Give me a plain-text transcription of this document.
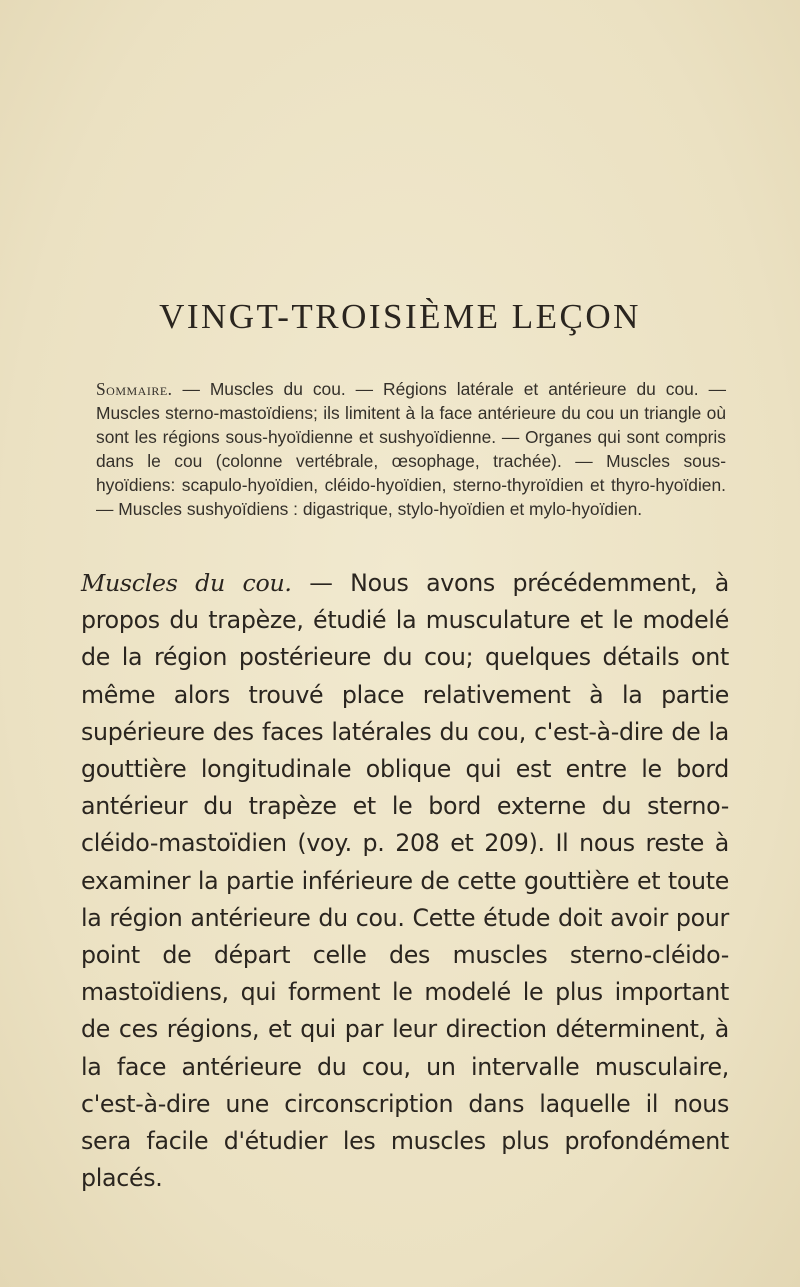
VINGT-TROISIÈME LEÇON

Sommaire. — Muscles du cou. — Régions latérale et antérieure du cou. — Muscles sterno-mastoïdiens; ils limitent à la face antérieure du cou un triangle où sont les régions sous-hyoïdienne et sushyoïdienne. — Organes qui sont compris dans le cou (colonne vertébrale, œsophage, trachée). — Muscles sous-hyoïdiens: scapulo-hyoïdien, cléido-hyoïdien, sterno-thyroïdien et thyro-hyoïdien. — Muscles sushyoïdiens : digastrique, stylo-hyoïdien et mylo-hyoïdien.

Muscles du cou. — Nous avons précédemment, à propos du trapèze, étudié la musculature et le modelé de la région postérieure du cou; quelques détails ont même alors trouvé place relativement à la partie supérieure des faces latérales du cou, c'est-à-dire de la gouttière longitudinale oblique qui est entre le bord antérieur du trapèze et le bord externe du sterno-cléido-mastoïdien (voy. p. 208 et 209). Il nous reste à examiner la partie inférieure de cette gouttière et toute la région antérieure du cou. Cette étude doit avoir pour point de départ celle des muscles sterno-cléido-mastoïdiens, qui forment le modelé le plus important de ces régions, et qui par leur direction déterminent, à la face antérieure du cou, un intervalle musculaire, c'est-à-dire une circonscription dans laquelle il nous sera facile d'étudier les muscles plus profondément placés.
